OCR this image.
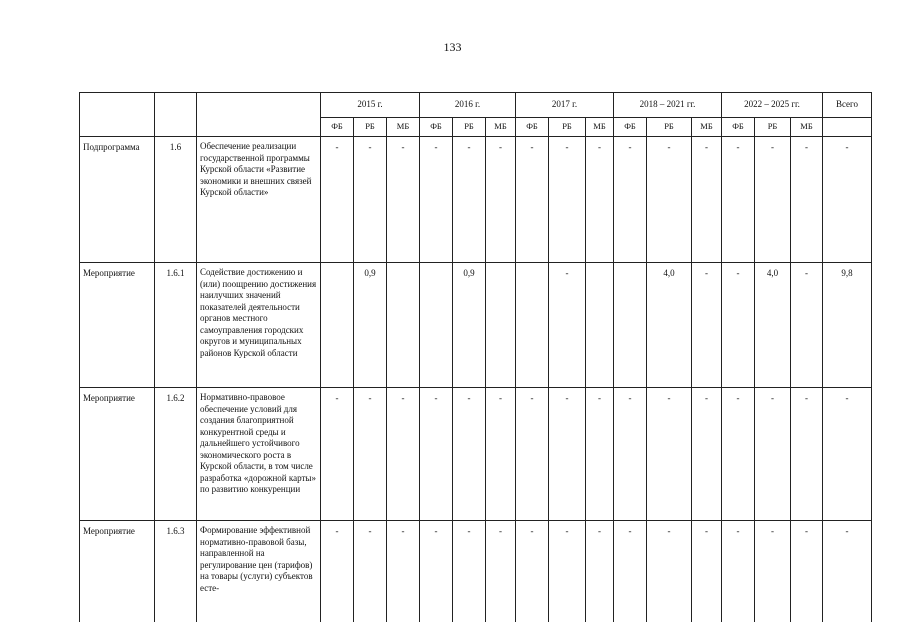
133
			2015 г.			2016 г.			2017 г.			2018 – 2021 гг.			2022 – 2025 гг.			Всего
			ФБ	РБ	МБ	ФБ	РБ	МБ	ФБ	РБ	МБ	ФБ	РБ	МБ	ФБ	РБ	МБ	
Подпрограмма	1.6	Обеспечение реализации государственной программы Курской области «Развитие экономики и внешних связей Курской области»	-	-	-	-	-	-	-	-	-	-	-	-	-	-	-	-
Мероприятие	1.6.1	Содействие достижению и (или) поощрению достижения наилучших значений показателей деятельности органов местного самоуправления городских округов и муниципальных районов Курской области		0,9			0,9			-			4,0	-	-	4,0	-	9,8
Мероприятие	1.6.2	Нормативно-правовое обеспечение условий для создания благоприятной конкурентной среды и дальнейшего устойчивого экономического роста в Курской области, в том числе разработка «дорожной карты» по развитию конкуренции	-	-	-	-	-	-	-	-	-	-	-	-	-	-	-	-
Мероприятие	1.6.3	Формирование эффективной нормативно-правовой базы, направленной на регулирование цен (тарифов) на товары (услуги) субъектов есте-	-	-	-	-	-	-	-	-	-	-	-	-	-	-	-	-
